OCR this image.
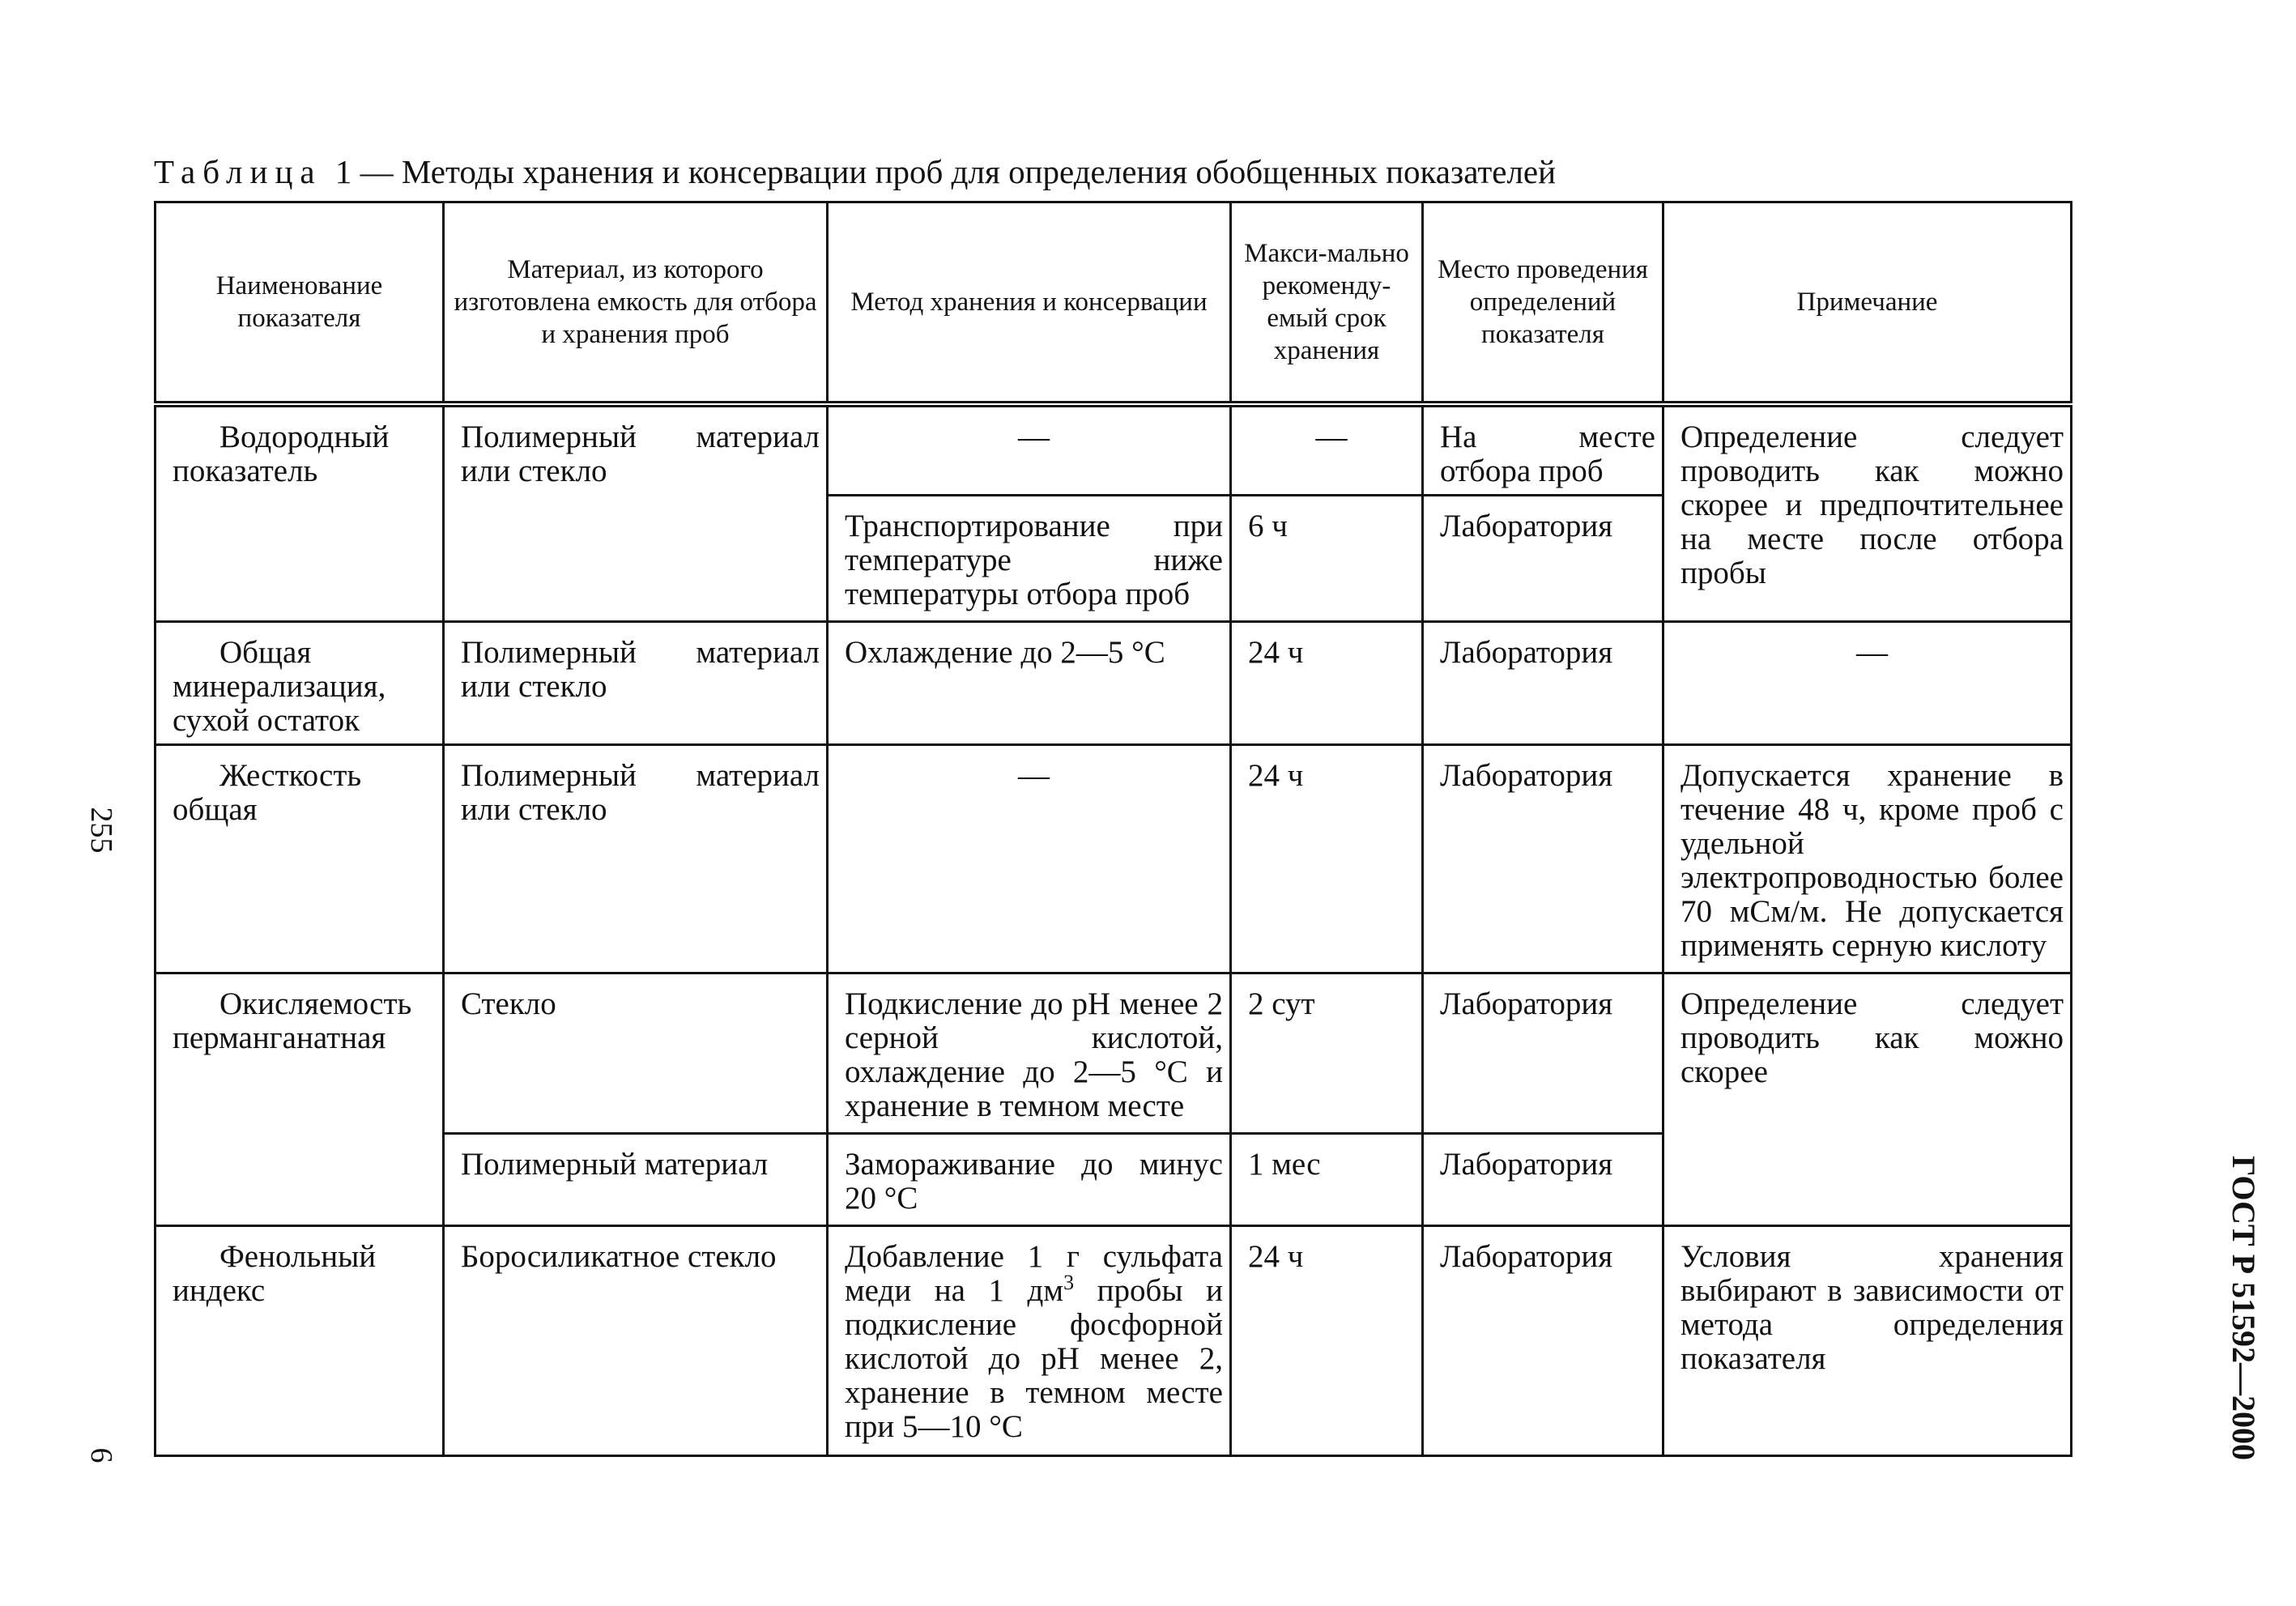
Таблица 1 — Методы хранения и консервации проб для определения обобщенных показателей
Наименование показателя	Материал, из которого изготовлена емкость для отбора и хранения проб	Метод хранения и консервации	Макси-мально рекоменду-емый срок хранения	Место проведения определений показателя	Примечание
Водородный показатель	Полимерный материал или стекло	—	—	На месте отбора проб	Определение следует проводить как можно скорее и предпочтительнее на месте после отбора пробы
		Транспортирование при температуре ниже температуры отбора проб	6 ч	Лаборатория	
Общая минерализация, сухой остаток	Полимерный материал или стекло	Охлаждение до 2—5 °С	24 ч	Лаборатория	—
Жесткость общая	Полимерный материал или стекло	—	24 ч	Лаборатория	Допускается хранение в течение 48 ч, кроме проб с удельной электропроводностью более 70 мСм/м. Не допускается применять серную кислоту
Окисляемость перманганатная	Стекло	Подкисление до pH менее 2 серной кислотой, охлаждение до 2—5 °С и хранение в темном месте	2 сут	Лаборатория	Определение следует проводить как можно скорее
	Полимерный материал	Замораживание до минус 20 °С	1 мес	Лаборатория	
Фенольный индекс	Боросиликатное стекло	Добавление 1 г сульфата меди на 1 $дм^3$ пробы и подкисление фосфорной кислотой до pH менее 2, хранение в темном месте при 5—10 °С	24 ч	Лаборатория	Условия хранения выбирают в зависимости от метода определения показателя
255
6	ГОСТ Р 51592—2000
